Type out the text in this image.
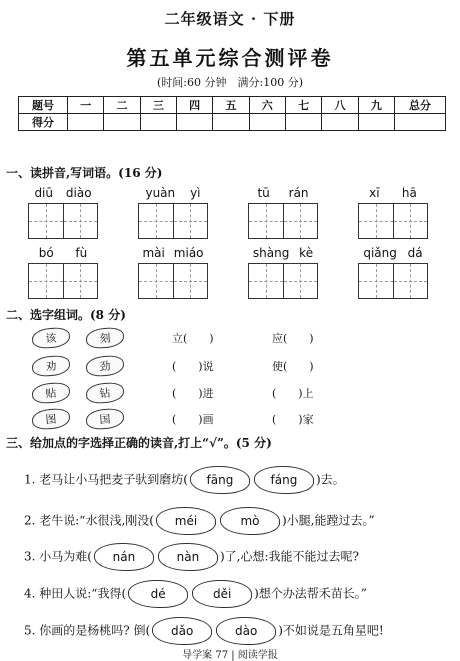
二年级语文 · 下册
第五单元综合测评卷
(时间:60 分钟　满分:100 分)
题号	一	二	三	四	五	六	七	八	九	总分
得分										
一、读拼音,写词语。(16 分)
diū diào	yuàn yì	tū rán	xī hā
bó fù	mài miáo	shàng kè	qiǎng dá
二、选字组词。(8 分)
该	刻	立(　　)	应(　　)
劝	劲	(　　)说	使(　　)
贴	钻	(　　)进	(　　)上
图	国	(　　)画	(　　)家
三、给加点的字选择正确的读音,打上“√”。(5 分)
1. 老马让小马把麦子驮到磨坊( fāng	fáng )去。
2. 老牛说:“水很浅,刚没( méi	mò )小腿,能蹚过去。”
3. 小马为难( nán	nàn )了,心想:我能不能过去呢?
4. 种田人说:“我得( dé	děi )想个办法帮禾苗长。”
5. 你画的是杨桃吗? 倒( dǎo	dào )不如说是五角星吧!
导学案 77 | 阅读学报
